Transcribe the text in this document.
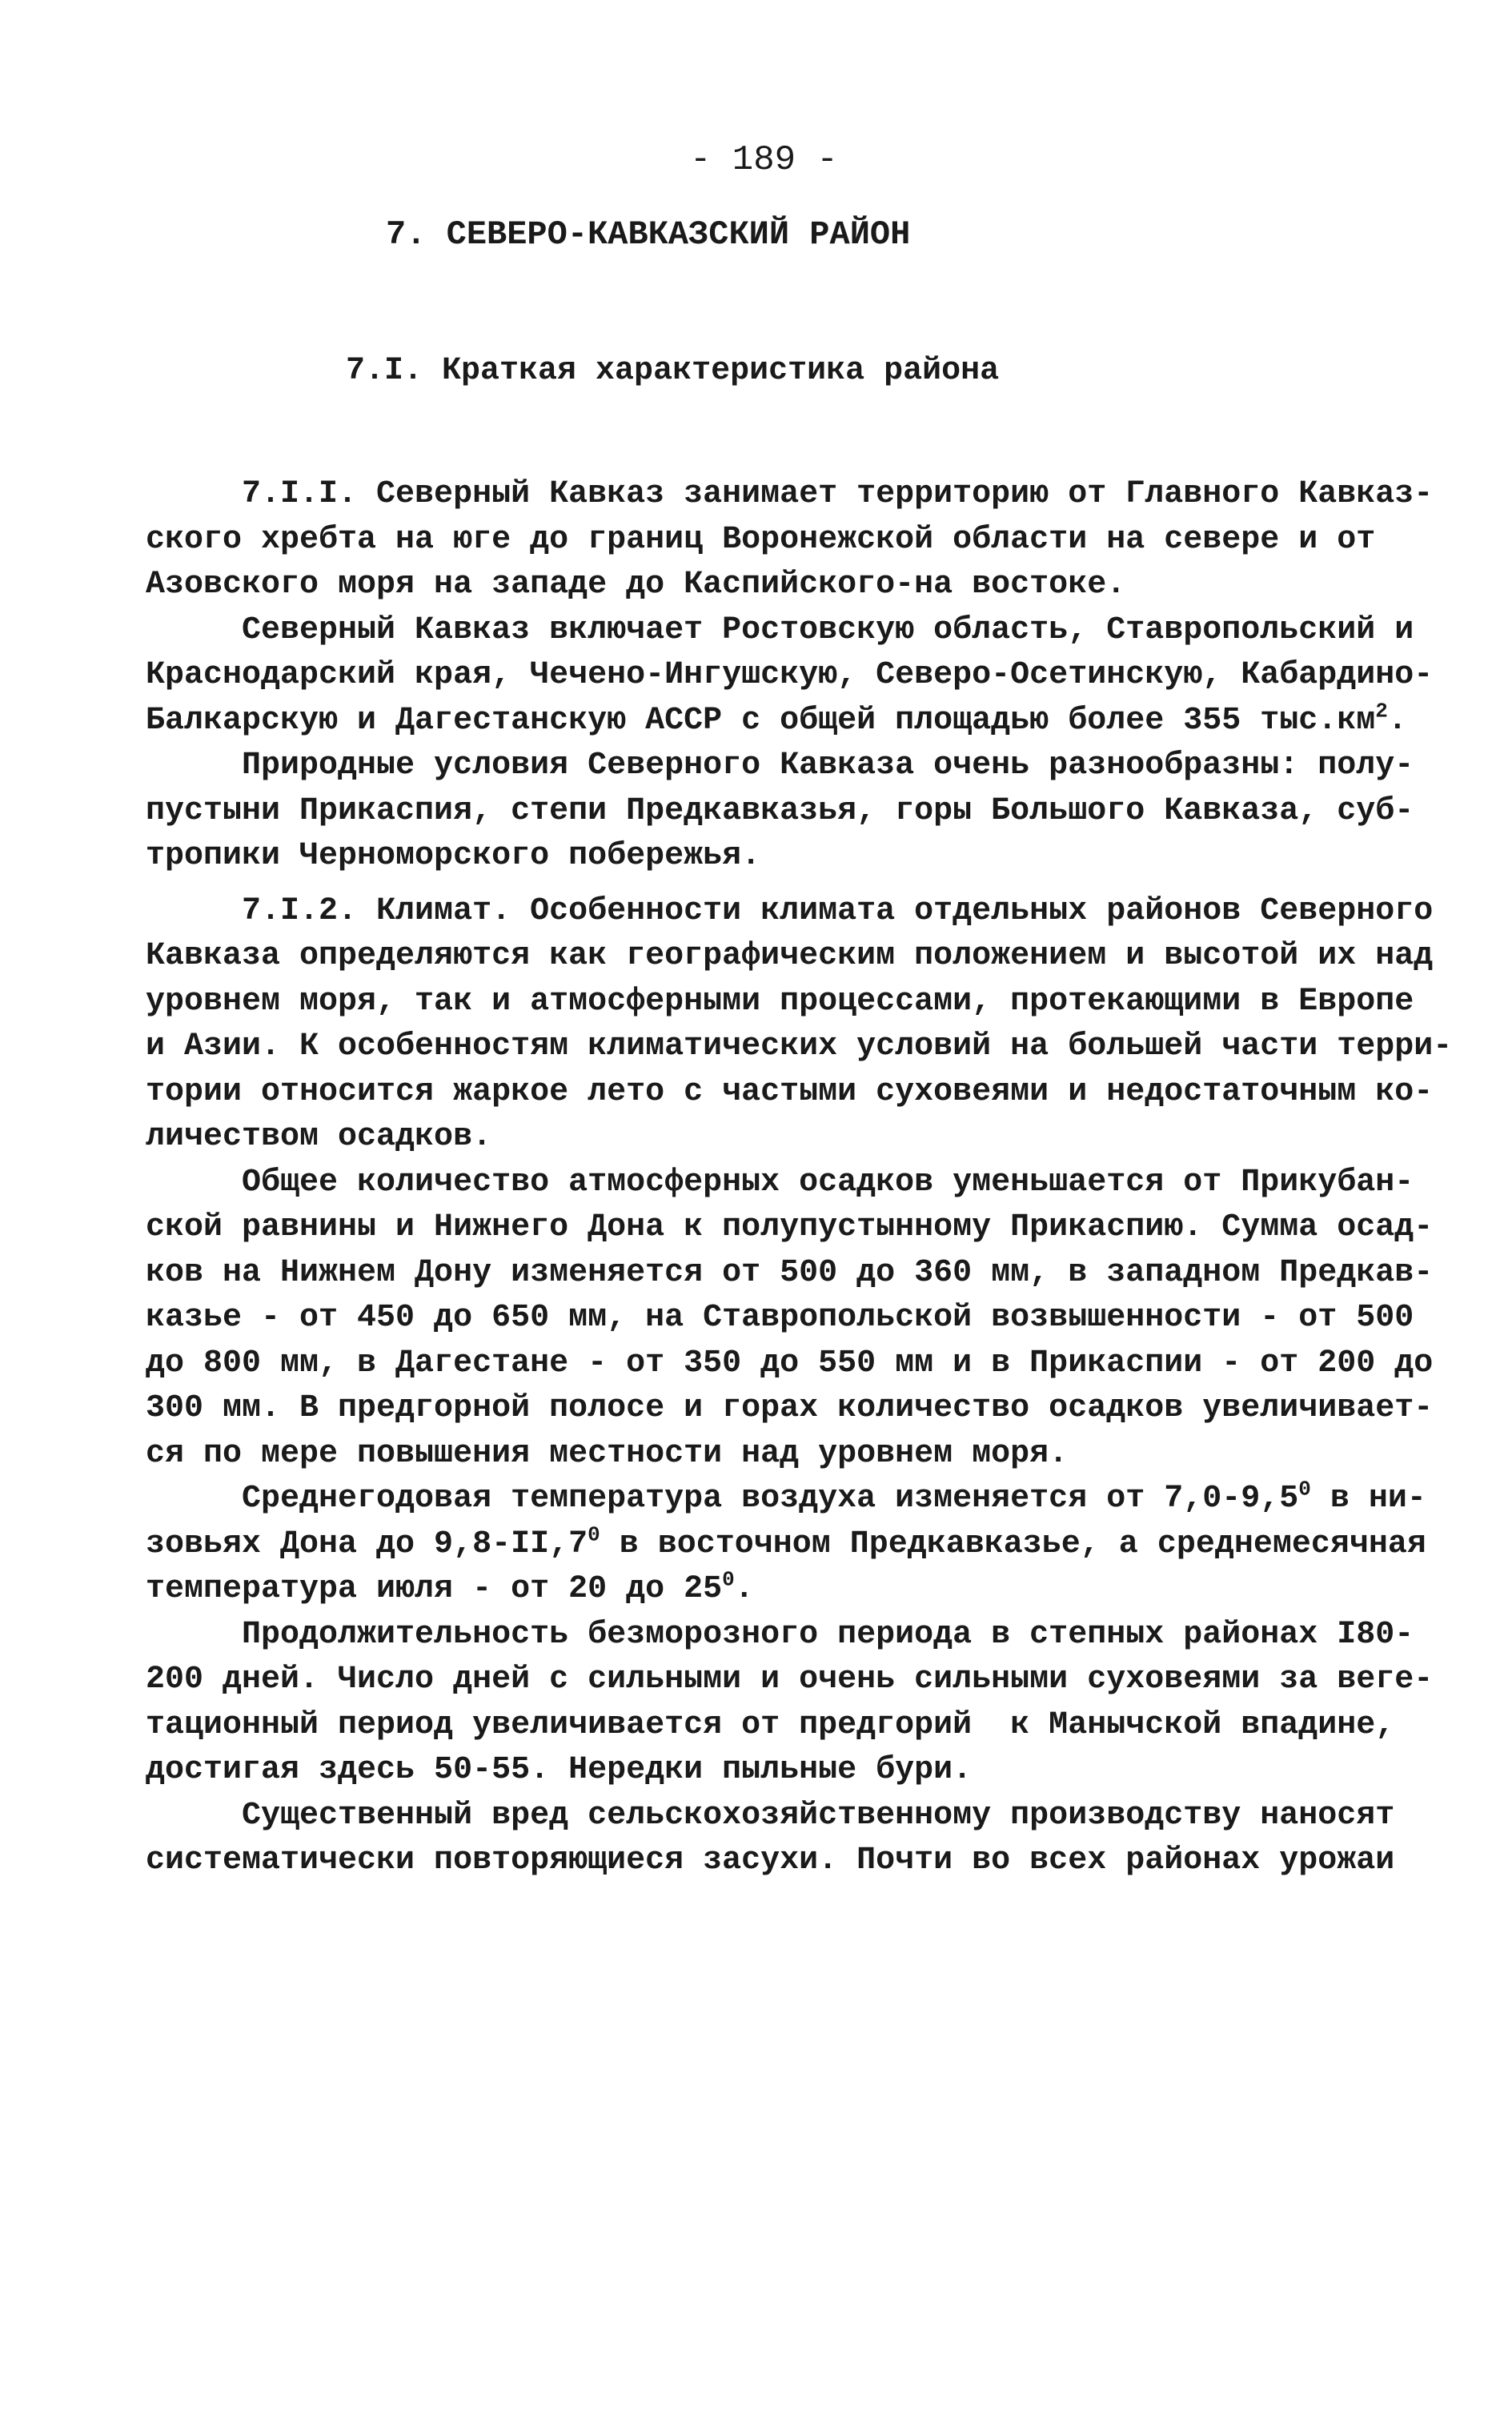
- 189 -
7. СЕВЕРО-КАВКАЗСКИЙ РАЙОН
7.I. Краткая характеристика района
7.I.I. Северный Кавказ занимает территорию от Главного Кавказ-
ского хребта на юге до границ Воронежской области на севере и от
Азовского моря на западе до Каспийского-на востоке.
Северный Кавказ включает Ростовскую область, Ставропольский и
Краснодарский края, Чечено-Ингушскую, Северо-Осетинскую, Кабардино-
Балкарскую и Дагестанскую АССР с общей площадью более 355 $тыс.км^2$.
Природные условия Северного Кавказа очень разнообразны: полу-
пустыни Прикаспия, степи Предкавказья, горы Большого Кавказа, суб-
тропики Черноморского побережья.
7.I.2. Климат. Особенности климата отдельных районов Северного
Кавказа определяются как географическим положением и высотой их над
уровнем моря, так и атмосферными процессами, протекающими в Европе
и Азии. К особенностям климатических условий на большей части терри-
тории относится жаркое лето с частыми суховеями и недостаточным ко-
личеством осадков.
Общее количество атмосферных осадков уменьшается от Прикубан-
ской равнины и Нижнего Дона к полупустынному Прикаспию. Сумма осад-
ков на Нижнем Дону изменяется от 500 до 360 мм, в западном Предкав-
казье - от 450 до 650 мм, на Ставропольской возвышенности - от 500
до 800 мм, в Дагестане - от 350 до 550 мм и в Прикаспии - от 200 до
300 мм. В предгорной полосе и горах количество осадков увеличивает-
ся по мере повышения местности над уровнем моря.
Среднегодовая температура воздуха изменяется от $7,0-9,5^0$ в ни-
зовьях Дона до $9,8-II,7^0$ в восточном Предкавказье, а среднемесячная
температура июля - от 20 до $25^0$.
Продолжительность безморозного периода в степных районах I80-
200 дней. Число дней с сильными и очень сильными суховеями за веге-
тационный период увеличивается от предгорий  к Манычской впадине,
достигая здесь 50-55. Нередки пыльные бури.
Существенный вред сельскохозяйственному производству наносят
систематически повторяющиеся засухи. Почти во всех районах урожаи
